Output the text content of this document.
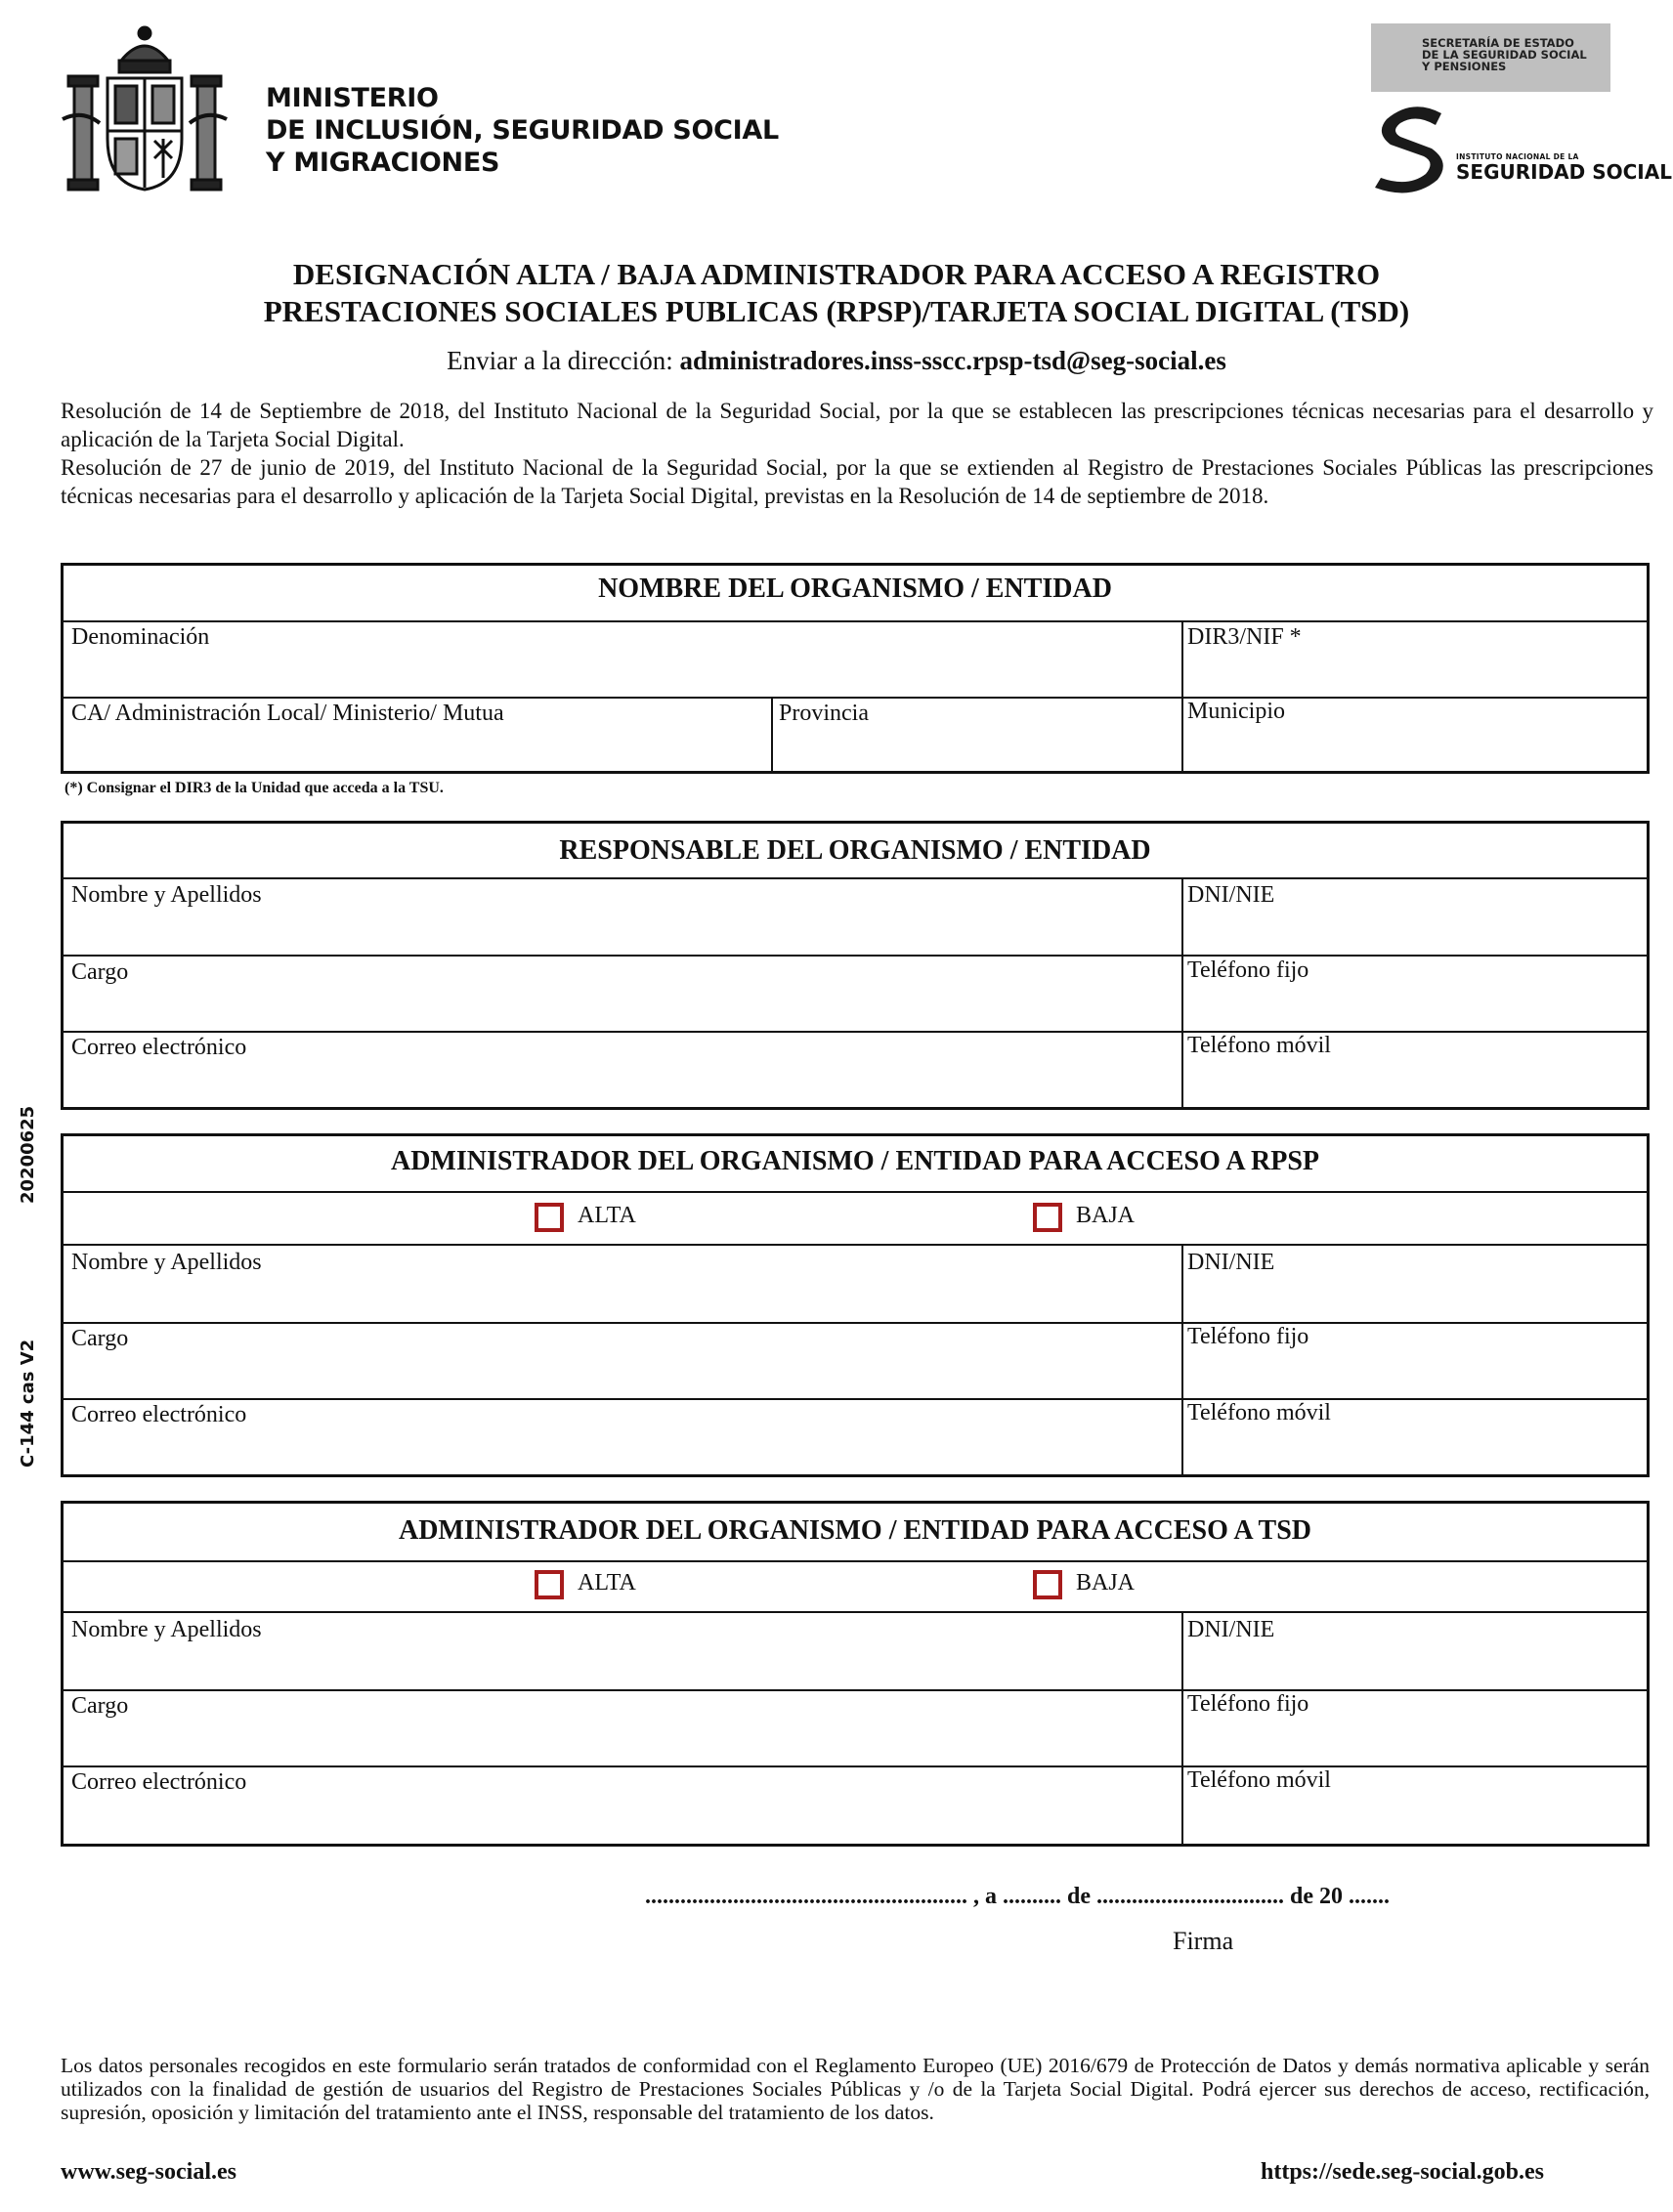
MINISTERIO
DE INCLUSIÓN, SEGURIDAD SOCIAL
Y MIGRACIONES
SECRETARÍA DE ESTADO
DE LA SEGURIDAD SOCIAL
Y PENSIONES
INSTITUTO NACIONAL DE LA
SEGURIDAD SOCIAL
DESIGNACIÓN ALTA / BAJA ADMINISTRADOR PARA ACCESO A REGISTRO
PRESTACIONES SOCIALES PUBLICAS (RPSP)/TARJETA SOCIAL DIGITAL (TSD)
Enviar a la dirección: administradores.inss-sscc.rpsp-tsd@seg-social.es

Resolución de 14 de Septiembre de 2018, del Instituto Nacional de la Seguridad Social, por la que se establecen las prescripciones técnicas necesarias para el desarrollo y aplicación de la Tarjeta Social Digital.

Resolución de 27 de junio de 2019, del Instituto Nacional de la Seguridad Social, por la que se extienden al Registro de Prestaciones Sociales Públicas las prescripciones técnicas necesarias para el desarrollo y aplicación de la Tarjeta Social Digital, previstas en la Resolución de 14 de septiembre de 2018.

NOMBRE DEL ORGANISMO / ENTIDAD
Denominación	DIR3/NIF *
CA/ Administración Local/ Ministerio/ Mutua	Provincia	Municipio
(*) Consignar el DIR3 de la Unidad que acceda a la TSU.
RESPONSABLE DEL ORGANISMO / ENTIDAD
Nombre y Apellidos	DNI/NIE
Cargo	Teléfono fijo
Correo electrónico	Teléfono móvil
20200625
C-144 cas V2
ADMINISTRADOR DEL ORGANISMO / ENTIDAD PARA ACCESO A RPSP
ALTA	BAJA
Nombre y Apellidos	DNI/NIE
Cargo	Teléfono fijo
Correo electrónico	Teléfono móvil
ADMINISTRADOR DEL ORGANISMO / ENTIDAD PARA ACCESO A TSD
ALTA	BAJA
Nombre y Apellidos	DNI/NIE
Cargo	Teléfono fijo
Correo electrónico	Teléfono móvil
....................................................... , a .......... de ................................ de 20 .......
Firma
Los datos personales recogidos en este formulario serán tratados de conformidad con el Reglamento Europeo (UE) 2016/679 de Protección de Datos y demás normativa aplicable y serán utilizados con la finalidad de gestión de usuarios del Registro de Prestaciones Sociales Públicas y /o de la Tarjeta Social Digital. Podrá ejercer sus derechos de acceso, rectificación, supresión, oposición y limitación del tratamiento ante el INSS, responsable del tratamiento de los datos.
www.seg-social.es	https://sede.seg-social.gob.es
